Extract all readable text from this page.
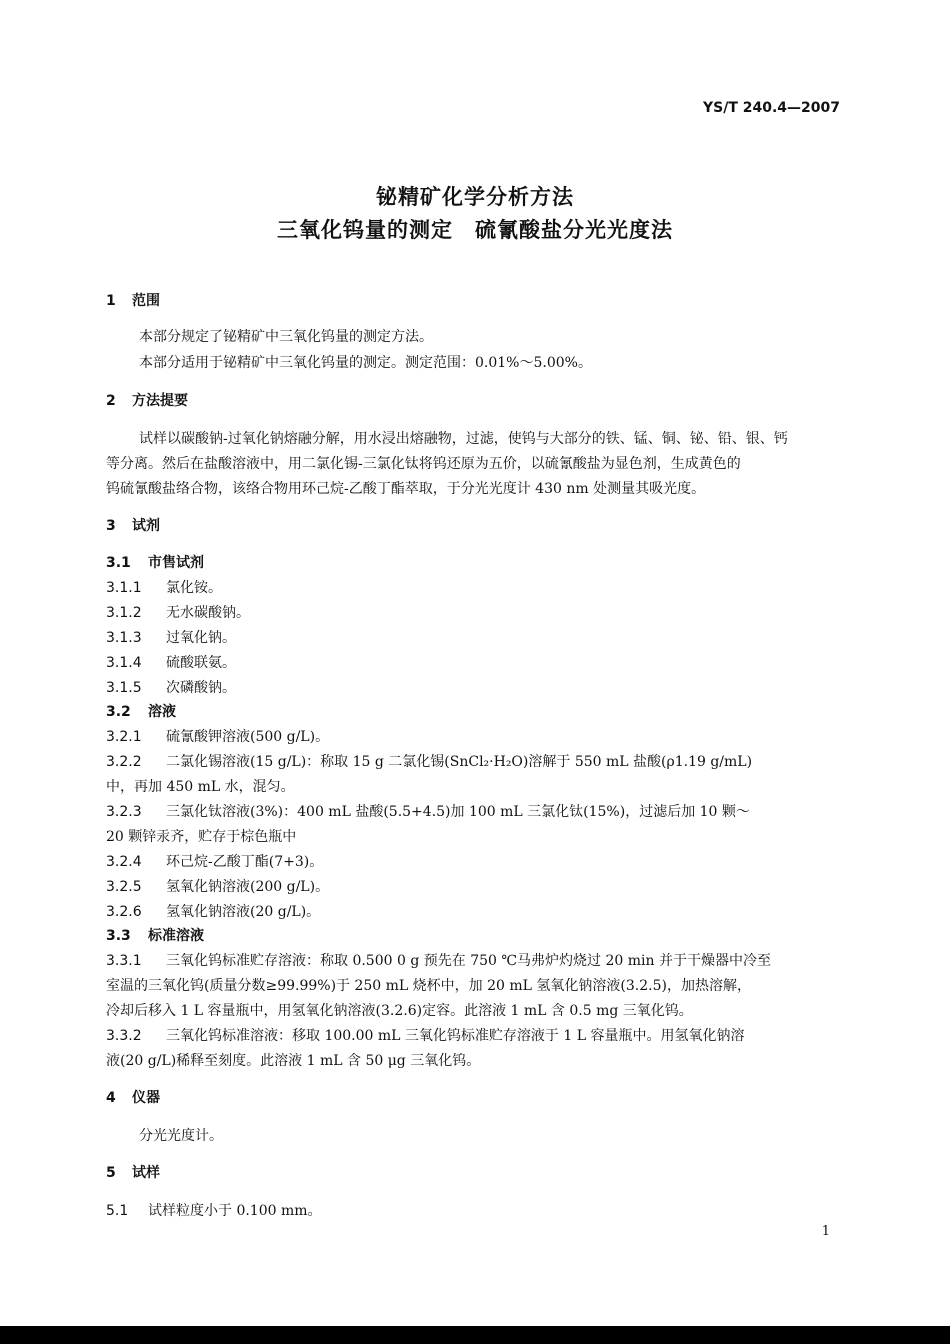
YS/T 240.4—2007
铋精矿化学分析方法
三氧化钨量的测定　硫氰酸盐分光光度法
1 范围
本部分规定了铋精矿中三氧化钨量的测定方法。
本部分适用于铋精矿中三氧化钨量的测定。测定范围：0.01%～5.00%。
2 方法提要
试样以碳酸钠-过氧化钠熔融分解，用水浸出熔融物，过滤，使钨与大部分的铁、锰、铜、铋、铅、银、钙
等分离。然后在盐酸溶液中，用二氯化锡-三氯化钛将钨还原为五价，以硫氰酸盐为显色剂，生成黄色的
钨硫氰酸盐络合物，该络合物用环己烷-乙酸丁酯萃取，于分光光度计 430 nm 处测量其吸光度。
3 试剂
3.1 市售试剂
3.1.1 氯化铵。
3.1.2 无水碳酸钠。
3.1.3 过氧化钠。
3.1.4 硫酸联氨。
3.1.5 次磷酸钠。
3.2 溶液
3.2.1 硫氰酸钾溶液(500 g/L)。
3.2.2 二氯化锡溶液(15 g/L)：称取 15 g 二氯化锡(SnCl₂·H₂O)溶解于 550 mL 盐酸(ρ1.19 g/mL)
中，再加 450 mL 水，混匀。
3.2.3 三氯化钛溶液(3%)：400 mL 盐酸(5.5+4.5)加 100 mL 三氯化钛(15%)，过滤后加 10 颗～
20 颗锌汞齐，贮存于棕色瓶中
3.2.4 环己烷-乙酸丁酯(7+3)。
3.2.5 氢氧化钠溶液(200 g/L)。
3.2.6 氢氧化钠溶液(20 g/L)。
3.3 标准溶液
3.3.1 三氧化钨标准贮存溶液：称取 0.500 0 g 预先在 750 ℃马弗炉灼烧过 20 min 并于干燥器中冷至
室温的三氧化钨(质量分数≥99.99%)于 250 mL 烧杯中，加 20 mL 氢氧化钠溶液(3.2.5)，加热溶解，
冷却后移入 1 L 容量瓶中，用氢氧化钠溶液(3.2.6)定容。此溶液 1 mL 含 0.5 mg 三氧化钨。
3.3.2 三氧化钨标准溶液：移取 100.00 mL 三氧化钨标准贮存溶液于 1 L 容量瓶中。用氢氧化钠溶
液(20 g/L)稀释至刻度。此溶液 1 mL 含 50 μg 三氧化钨。
4 仪器
分光光度计。
5 试样
5.1 试样粒度小于 0.100 mm。
1
